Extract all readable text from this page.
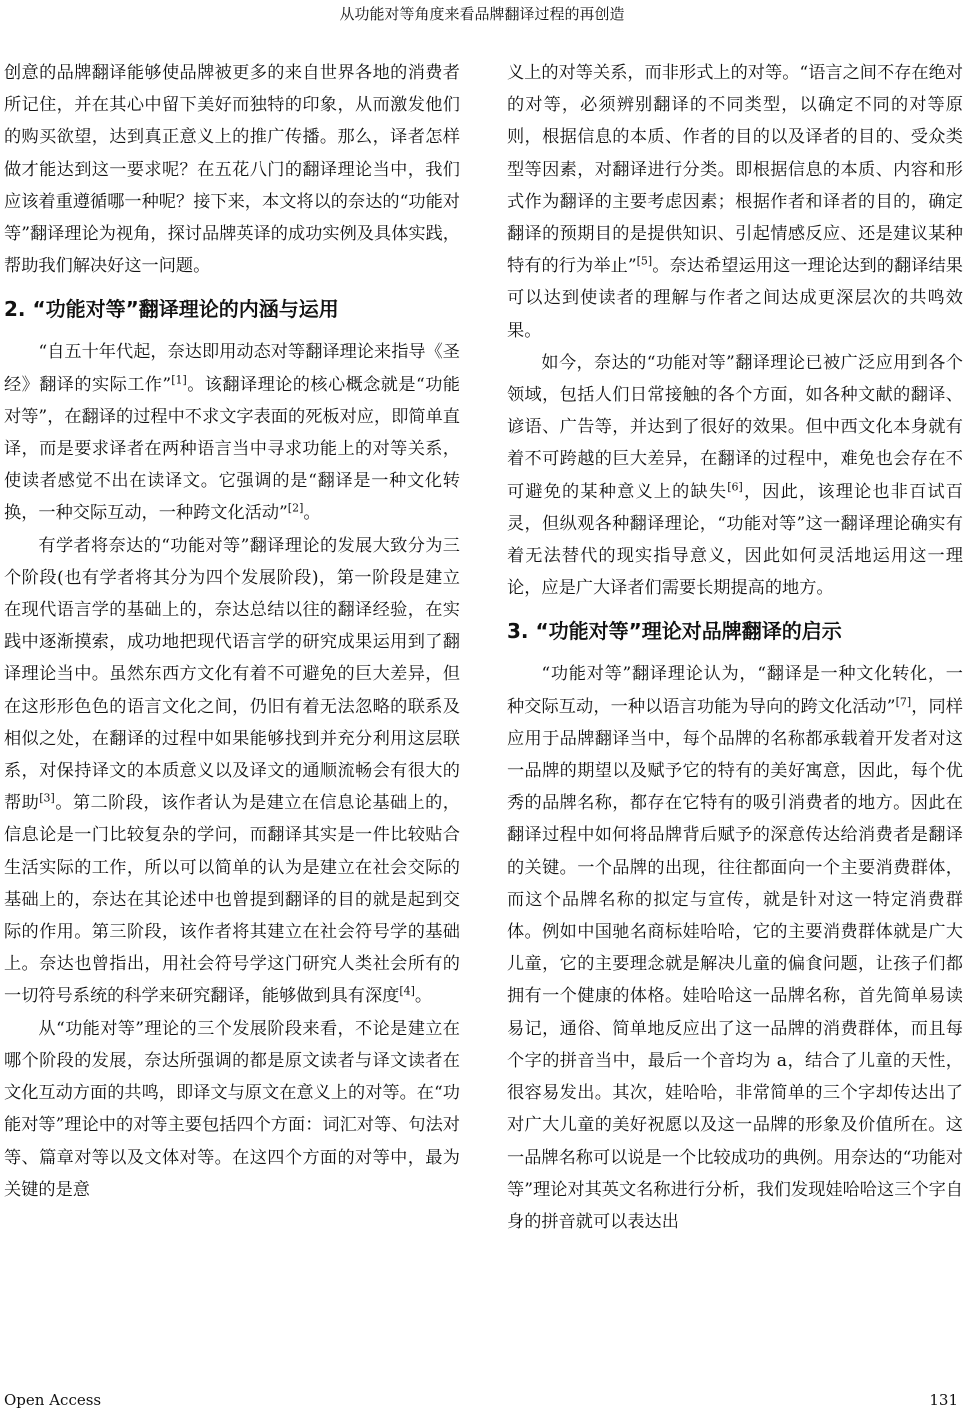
从功能对等角度来看品牌翻译过程的再创造

创意的品牌翻译能够使品牌被更多的来自世界各地的消费者所记住，并在其心中留下美好而独特的印象，从而激发他们的购买欲望，达到真正意义上的推广传播。那么，译者怎样做才能达到这一要求呢？在五花八门的翻译理论当中，我们应该着重遵循哪一种呢？接下来，本文将以的奈达的“功能对等”翻译理论为视角，探讨品牌英译的成功实例及具体实践，帮助我们解决好这一问题。

2. “功能对等”翻译理论的内涵与运用

“自五十年代起，奈达即用动态对等翻译理论来指导《圣经》翻译的实际工作”[1]。该翻译理论的核心概念就是“功能对等”，在翻译的过程中不求文字表面的死板对应，即简单直译，而是要求译者在两种语言当中寻求功能上的对等关系，使读者感觉不出在读译文。它强调的是“翻译是一种文化转换，一种交际互动，一种跨文化活动”[2]。

有学者将奈达的“功能对等”翻译理论的发展大致分为三个阶段(也有学者将其分为四个发展阶段)，第一阶段是建立在现代语言学的基础上的，奈达总结以往的翻译经验，在实践中逐渐摸索，成功地把现代语言学的研究成果运用到了翻译理论当中。虽然东西方文化有着不可避免的巨大差异，但在这形形色色的语言文化之间，仍旧有着无法忽略的联系及相似之处，在翻译的过程中如果能够找到并充分利用这层联系，对保持译文的本质意义以及译文的通顺流畅会有很大的帮助[3]。第二阶段，该作者认为是建立在信息论基础上的，信息论是一门比较复杂的学问，而翻译其实是一件比较贴合生活实际的工作，所以可以简单的认为是建立在社会交际的基础上的，奈达在其论述中也曾提到翻译的目的就是起到交际的作用。第三阶段，该作者将其建立在社会符号学的基础上。奈达也曾指出，用社会符号学这门研究人类社会所有的一切符号系统的科学来研究翻译，能够做到具有深度[4]。

从“功能对等”理论的三个发展阶段来看，不论是建立在哪个阶段的发展，奈达所强调的都是原文读者与译文读者在文化互动方面的共鸣，即译文与原文在意义上的对等。在“功能对等”理论中的对等主要包括四个方面：词汇对等、句法对等、篇章对等以及文体对等。在这四个方面的对等中，最为关键的是意

义上的对等关系，而非形式上的对等。“语言之间不存在绝对的对等，必须辨别翻译的不同类型，以确定不同的对等原则，根据信息的本质、作者的目的以及译者的目的、受众类型等因素，对翻译进行分类。即根据信息的本质、内容和形式作为翻译的主要考虑因素；根据作者和译者的目的，确定翻译的预期目的是提供知识、引起情感反应、还是建议某种特有的行为举止”[5]。奈达希望运用这一理论达到的翻译结果可以达到使读者的理解与作者之间达成更深层次的共鸣效果。

如今，奈达的“功能对等”翻译理论已被广泛应用到各个领域，包括人们日常接触的各个方面，如各种文献的翻译、谚语、广告等，并达到了很好的效果。但中西文化本身就有着不可跨越的巨大差异，在翻译的过程中，难免也会存在不可避免的某种意义上的缺失[6]，因此，该理论也非百试百灵，但纵观各种翻译理论，“功能对等”这一翻译理论确实有着无法替代的现实指导意义，因此如何灵活地运用这一理论，应是广大译者们需要长期提高的地方。

3. “功能对等”理论对品牌翻译的启示

“功能对等”翻译理论认为，“翻译是一种文化转化，一种交际互动，一种以语言功能为导向的跨文化活动”[7]，同样应用于品牌翻译当中，每个品牌的名称都承载着开发者对这一品牌的期望以及赋予它的特有的美好寓意，因此，每个优秀的品牌名称，都存在它特有的吸引消费者的地方。因此在翻译过程中如何将品牌背后赋予的深意传达给消费者是翻译的关键。一个品牌的出现，往往都面向一个主要消费群体，而这个品牌名称的拟定与宣传，就是针对这一特定消费群体。例如中国驰名商标娃哈哈，它的主要消费群体就是广大儿童，它的主要理念就是解决儿童的偏食问题，让孩子们都拥有一个健康的体格。娃哈哈这一品牌名称，首先简单易读易记，通俗、简单地反应出了这一品牌的消费群体，而且每个字的拼音当中，最后一个音均为 a，结合了儿童的天性，很容易发出。其次，娃哈哈，非常简单的三个字却传达出了对广大儿童的美好祝愿以及这一品牌的形象及价值所在。这一品牌名称可以说是一个比较成功的典例。用奈达的“功能对等”理论对其英文名称进行分析，我们发现娃哈哈这三个字自身的拼音就可以表达出

Open Access	131
